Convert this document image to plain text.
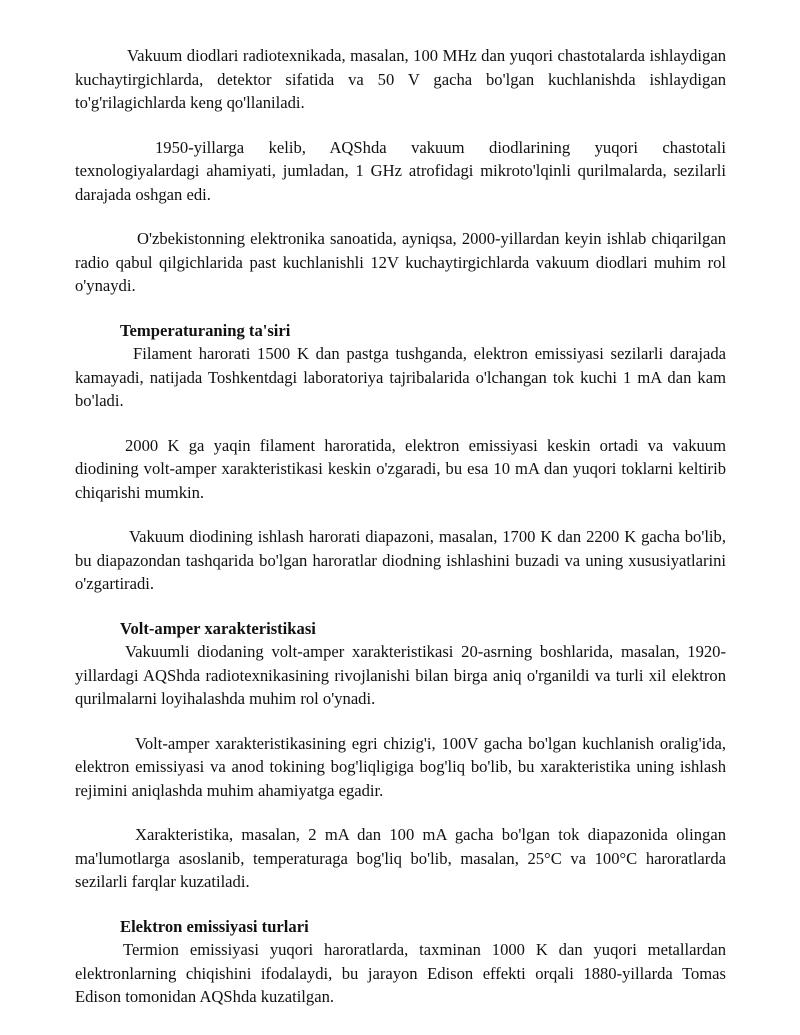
Vakuum diodlari radiotexnikada, masalan, 100 MHz dan yuqori chastotalarda ishlaydigan kuchaytirgichlarda, detektor sifatida va 50 V gacha bo'lgan kuchlanishda ishlaydigan to'g'rilagichlarda keng qo'llaniladi.

1950-yillarga kelib, AQShda vakuum diodlarining yuqori chastotali texnologiyalardagi ahamiyati, jumladan, 1 GHz atrofidagi mikroto'lqinli qurilmalarda, sezilarli darajada oshgan edi.

O'zbekistonning elektronika sanoatida, ayniqsa, 2000-yillardan keyin ishlab chiqarilgan radio qabul qilgichlarida past kuchlanishli 12V kuchaytirgichlarda vakuum diodlari muhim rol o'ynaydi.

Temperaturaning ta'siri

Filament harorati 1500 K dan pastga tushganda, elektron emissiyasi sezilarli darajada kamayadi, natijada Toshkentdagi laboratoriya tajribalarida o'lchangan tok kuchi 1 mA dan kam bo'ladi.

2000 K ga yaqin filament haroratida, elektron emissiyasi keskin ortadi va vakuum diodining volt-amper xarakteristikasi keskin o'zgaradi, bu esa 10 mA dan yuqori toklarni keltirib chiqarishi mumkin.

Vakuum diodining ishlash harorati diapazoni, masalan, 1700 K dan 2200 K gacha bo'lib, bu diapazondan tashqarida bo'lgan haroratlar diodning ishlashini buzadi va uning xususiyatlarini o'zgartiradi.

Volt-amper xarakteristikasi

Vakuumli diodaning volt-amper xarakteristikasi 20-asrning boshlarida, masalan, 1920-yillardagi AQShda radiotexnikasining rivojlanishi bilan birga aniq o'rganildi va turli xil elektron qurilmalarni loyihalashda muhim rol o'ynadi.

Volt-amper xarakteristikasining egri chizig'i, 100V gacha bo'lgan kuchlanish oralig'ida, elektron emissiyasi va anod tokining bog'liqligiga bog'liq bo'lib, bu xarakteristika uning ishlash rejimini aniqlashda muhim ahamiyatga egadir.

Xarakteristika, masalan, 2 mA dan 100 mA gacha bo'lgan tok diapazonida olingan ma'lumotlarga asoslanib, temperaturaga bog'liq bo'lib, masalan, 25°C va 100°C haroratlarda sezilarli farqlar kuzatiladi.

Elektron emissiyasi turlari

Termion emissiyasi yuqori haroratlarda, taxminan 1000 K dan yuqori metallardan elektronlarning chiqishini ifodalaydi, bu jarayon Edison effekti orqali 1880-yillarda Tomas Edison tomonidan AQShda kuzatilgan.
